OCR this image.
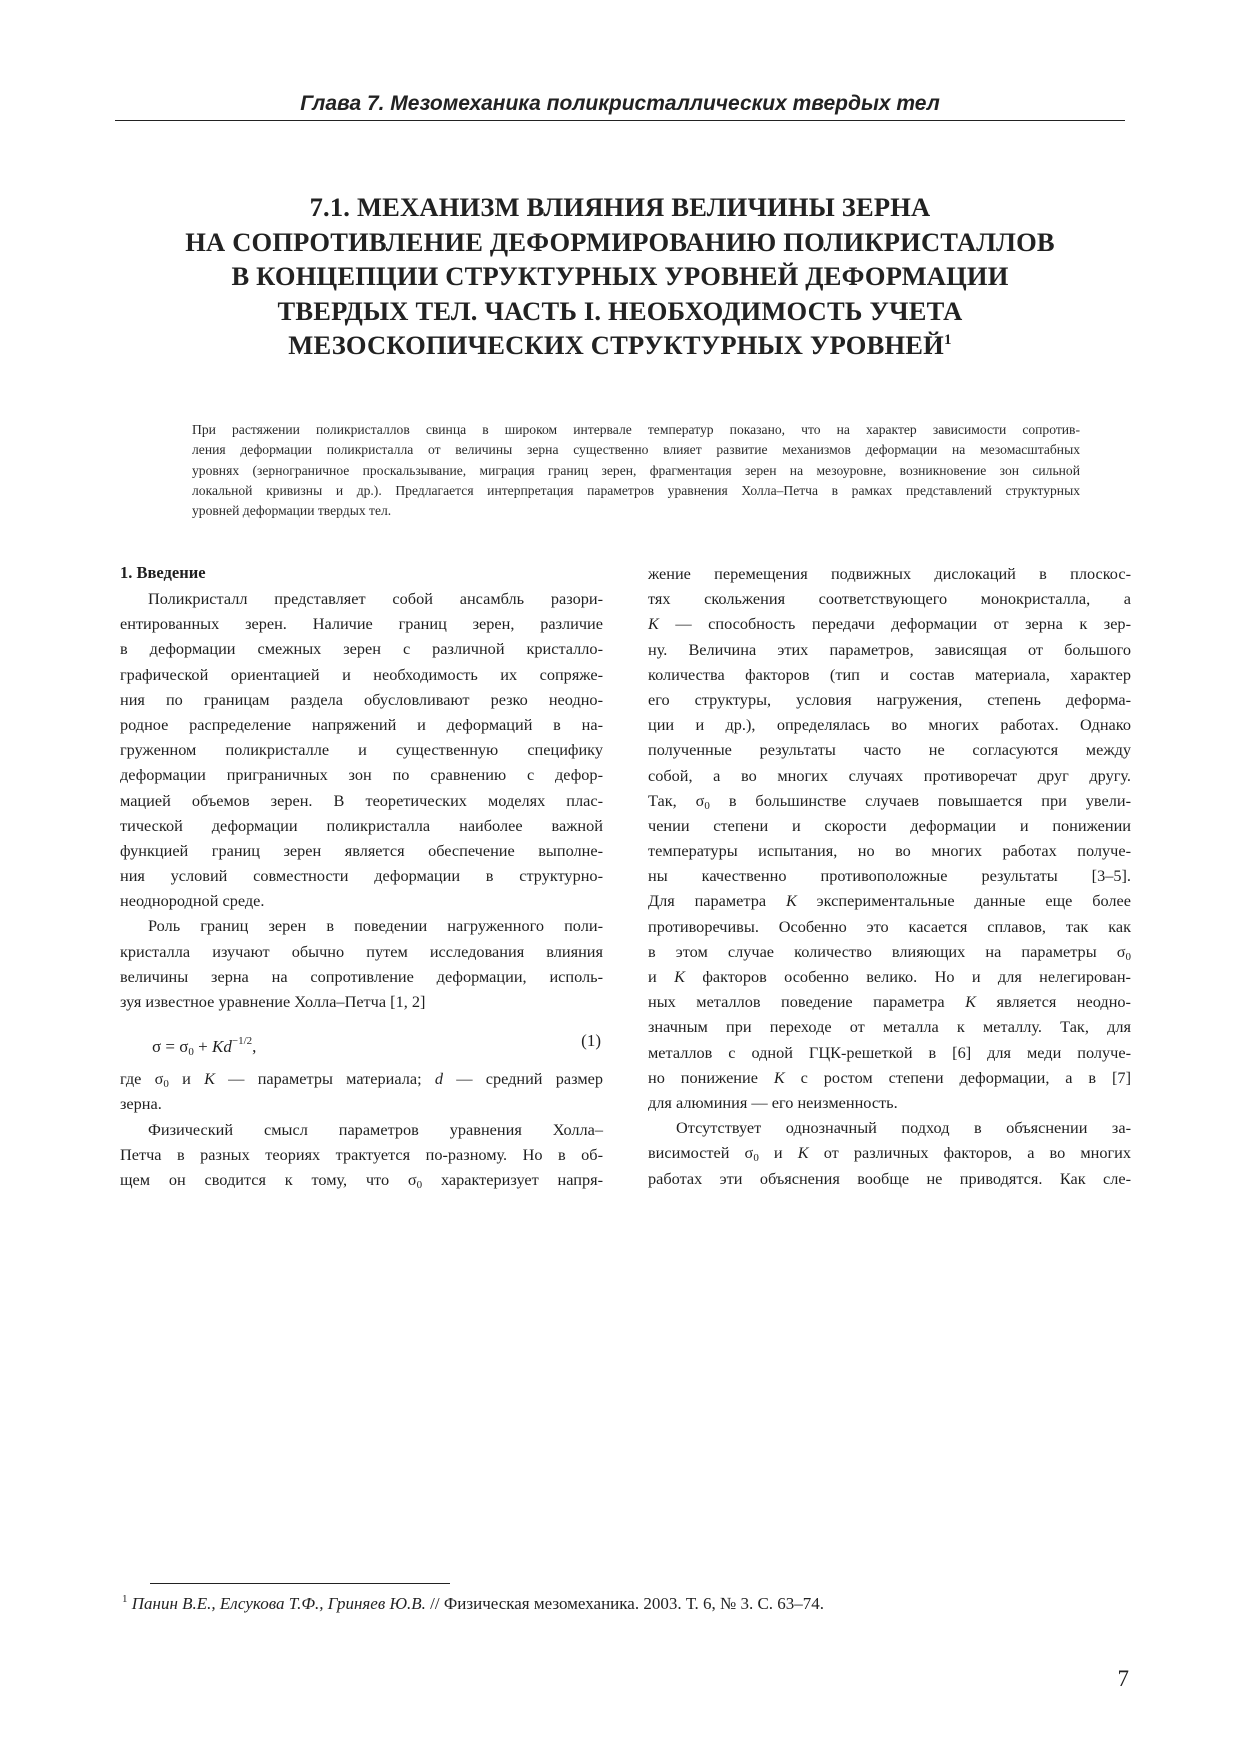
Глава 7. Мезомеханика поликристаллических твердых тел
7.1. МЕХАНИЗМ ВЛИЯНИЯ ВЕЛИЧИНЫ ЗЕРНА
НА СОПРОТИВЛЕНИЕ ДЕФОРМИРОВАНИЮ ПОЛИКРИСТАЛЛОВ
В КОНЦЕПЦИИ СТРУКТУРНЫХ УРОВНЕЙ ДЕФОРМАЦИИ
ТВЕРДЫХ ТЕЛ. ЧАСТЬ I. НЕОБХОДИМОСТЬ УЧЕТА
МЕЗОСКОПИЧЕСКИХ СТРУКТУРНЫХ УРОВНЕЙ$^1$
При растяжении поликристаллов свинца в широком интервале температур показано, что на характер зависимости сопротив-
ления деформации поликристалла от величины зерна существенно влияет развитие механизмов деформации на мезомасштабных
уровнях (зернограничное проскальзывание, миграция границ зерен, фрагментация зерен на мезоуровне, возникновение зон сильной
локальной кривизны и др.). Предлагается интерпретация параметров уравнения Холла–Петча в рамках представлений структурных
уровней деформации твердых тел.
1. Введение
Поликристалл представляет собой ансамбль разори-
ентированных зерен. Наличие границ зерен, различие
в деформации смежных зерен с различной кристалло-
графической ориентацией и необходимость их сопряже-
ния по границам раздела обусловливают резко неодно-
родное распределение напряжений и деформаций в на-
груженном поликристалле и существенную специфику
деформации приграничных зон по сравнению с дефор-
мацией объемов зерен. В теоретических моделях плас-
тической деформации поликристалла наиболее важной
функцией границ зерен является обеспечение выполне-
ния условий совместности деформации в структурно-
неоднородной среде.
Роль границ зерен в поведении нагруженного поли-
кристалла изучают обычно путем исследования влияния
величины зерна на сопротивление деформации, исполь-
зуя известное уравнение Холла–Петча [1, 2]
$\sigma = \sigma_0 + Kd^{-1/2}$,	(1)
где $\sigma_0$ и K — параметры материала; d — средний размер
зерна.
Физический смысл параметров уравнения Холла–
Петча в разных теориях трактуется по-разному. Но в об-
щем он сводится к тому, что $\sigma_0$ характеризует напря-
жение перемещения подвижных дислокаций в плоскос-
тях скольжения соответствующего монокристалла, а
K — способность передачи деформации от зерна к зер-
ну. Величина этих параметров, зависящая от большого
количества факторов (тип и состав материала, характер
его структуры, условия нагружения, степень деформа-
ции и др.), определялась во многих работах. Однако
полученные результаты часто не согласуются между
собой, а во многих случаях противоречат друг другу.
Так, $\sigma_0$ в большинстве случаев повышается при увели-
чении степени и скорости деформации и понижении
температуры испытания, но во многих работах получе-
ны качественно противоположные результаты [3–5].
Для параметра K экспериментальные данные еще более
противоречивы. Особенно это касается сплавов, так как
в этом случае количество влияющих на параметры $\sigma_0$
и K факторов особенно велико. Но и для нелегирован-
ных металлов поведение параметра K является неодно-
значным при переходе от металла к металлу. Так, для
металлов с одной ГЦК-решеткой в [6] для меди получе-
но понижение K с ростом степени деформации, а в [7]
для алюминия — его неизменность.
Отсутствует однозначный подход в объяснении за-
висимостей $\sigma_0$ и K от различных факторов, а во многих
работах эти объяснения вообще не приводятся. Как сле-
$^1$ Панин В.Е., Елсукова Т.Ф., Гриняев Ю.В. // Физическая мезомеханика. 2003. Т. 6, № 3. С. 63–74.
7
